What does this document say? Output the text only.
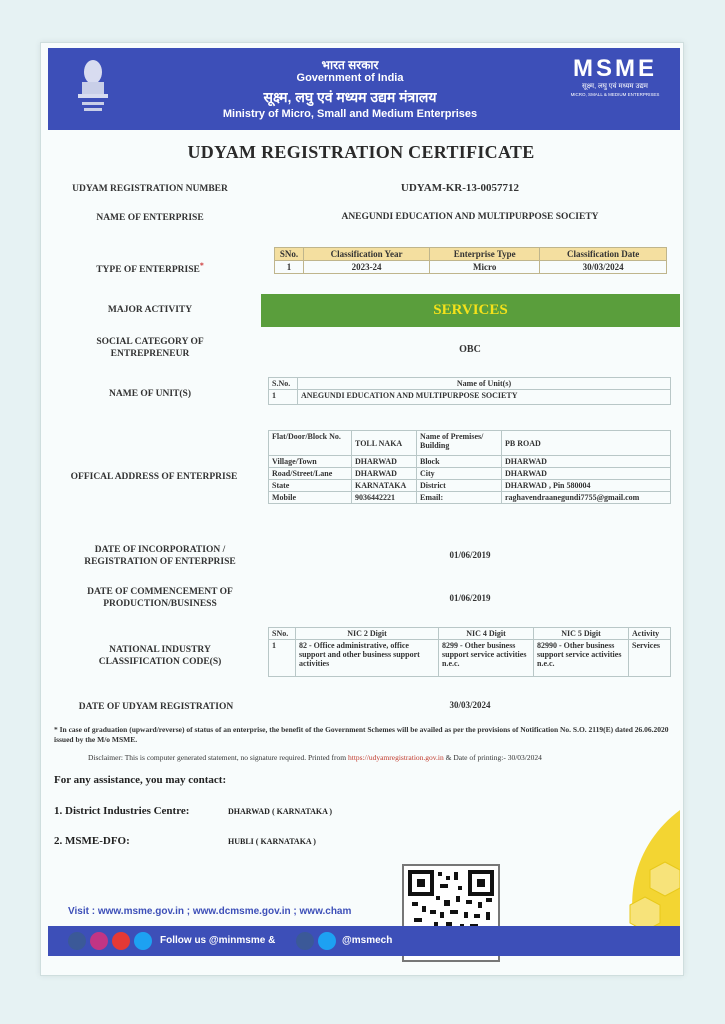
भारत सरकार
Government of India
सूक्ष्म, लघु एवं मध्यम उद्यम मंत्रालय
Ministry of Micro, Small and Medium Enterprises
MSME
सूक्ष्म, लघु एवं मध्यम उद्यम
MICRO, SMALL & MEDIUM ENTERPRISES
UDYAM REGISTRATION CERTIFICATE
UDYAM REGISTRATION NUMBER	UDYAM-KR-13-0057712
NAME OF ENTERPRISE	ANEGUNDI EDUCATION AND MULTIPURPOSE SOCIETY
TYPE OF ENTERPRISE*
SNo.	Classification Year	Enterprise Type	Classification Date
1	2023-24	Micro	30/03/2024
MAJOR ACTIVITY	SERVICES
SOCIAL CATEGORY OF
ENTREPRENEUR	OBC
NAME OF UNIT(S)
S.No.	Name of Unit(s)
1	ANEGUNDI EDUCATION AND MULTIPURPOSE SOCIETY
OFFICAL ADDRESS OF ENTERPRISE
Flat/Door/Block No.	TOLL NAKA	Name of Premises/ Building	PB ROAD
Village/Town	DHARWAD	Block	DHARWAD
Road/Street/Lane	DHARWAD	City	DHARWAD
State	KARNATAKA	District	DHARWAD , Pin 580004
Mobile	9036442221	Email:	raghavendraanegundi7755@gmail.com
DATE OF INCORPORATION /
REGISTRATION OF ENTERPRISE
01/06/2019
DATE OF COMMENCEMENT OF
PRODUCTION/BUSINESS
01/06/2019
NATIONAL INDUSTRY
CLASSIFICATION CODE(S)
SNo.	NIC 2 Digit	NIC 4 Digit	NIC 5 Digit	Activity
1	82 - Office administrative, office support and other business support activities	8299 - Other business support service activities n.e.c.	82990 - Other business support service activities n.e.c.	Services
DATE OF UDYAM REGISTRATION	30/03/2024
* In case of graduation (upward/reverse) of status of an enterprise, the benefit of the Government Schemes will be availed as per the provisions of Notification No. S.O. 2119(E) dated 26.06.2020 issued by the M/o MSME.
Disclaimer: This is computer generated statement, no signature required. Printed from https://udyamregistration.gov.in & Date of printing:- 30/03/2024
For any assistance, you may contact:
1. District Industries Centre:	DHARWAD ( KARNATAKA )
2. MSME-DFO:	HUBLI ( KARNATAKA )
Visit : www.msme.gov.in ; www.dcmsme.gov.in ; www.cham

Follow us @minmsme &
	@msmech
